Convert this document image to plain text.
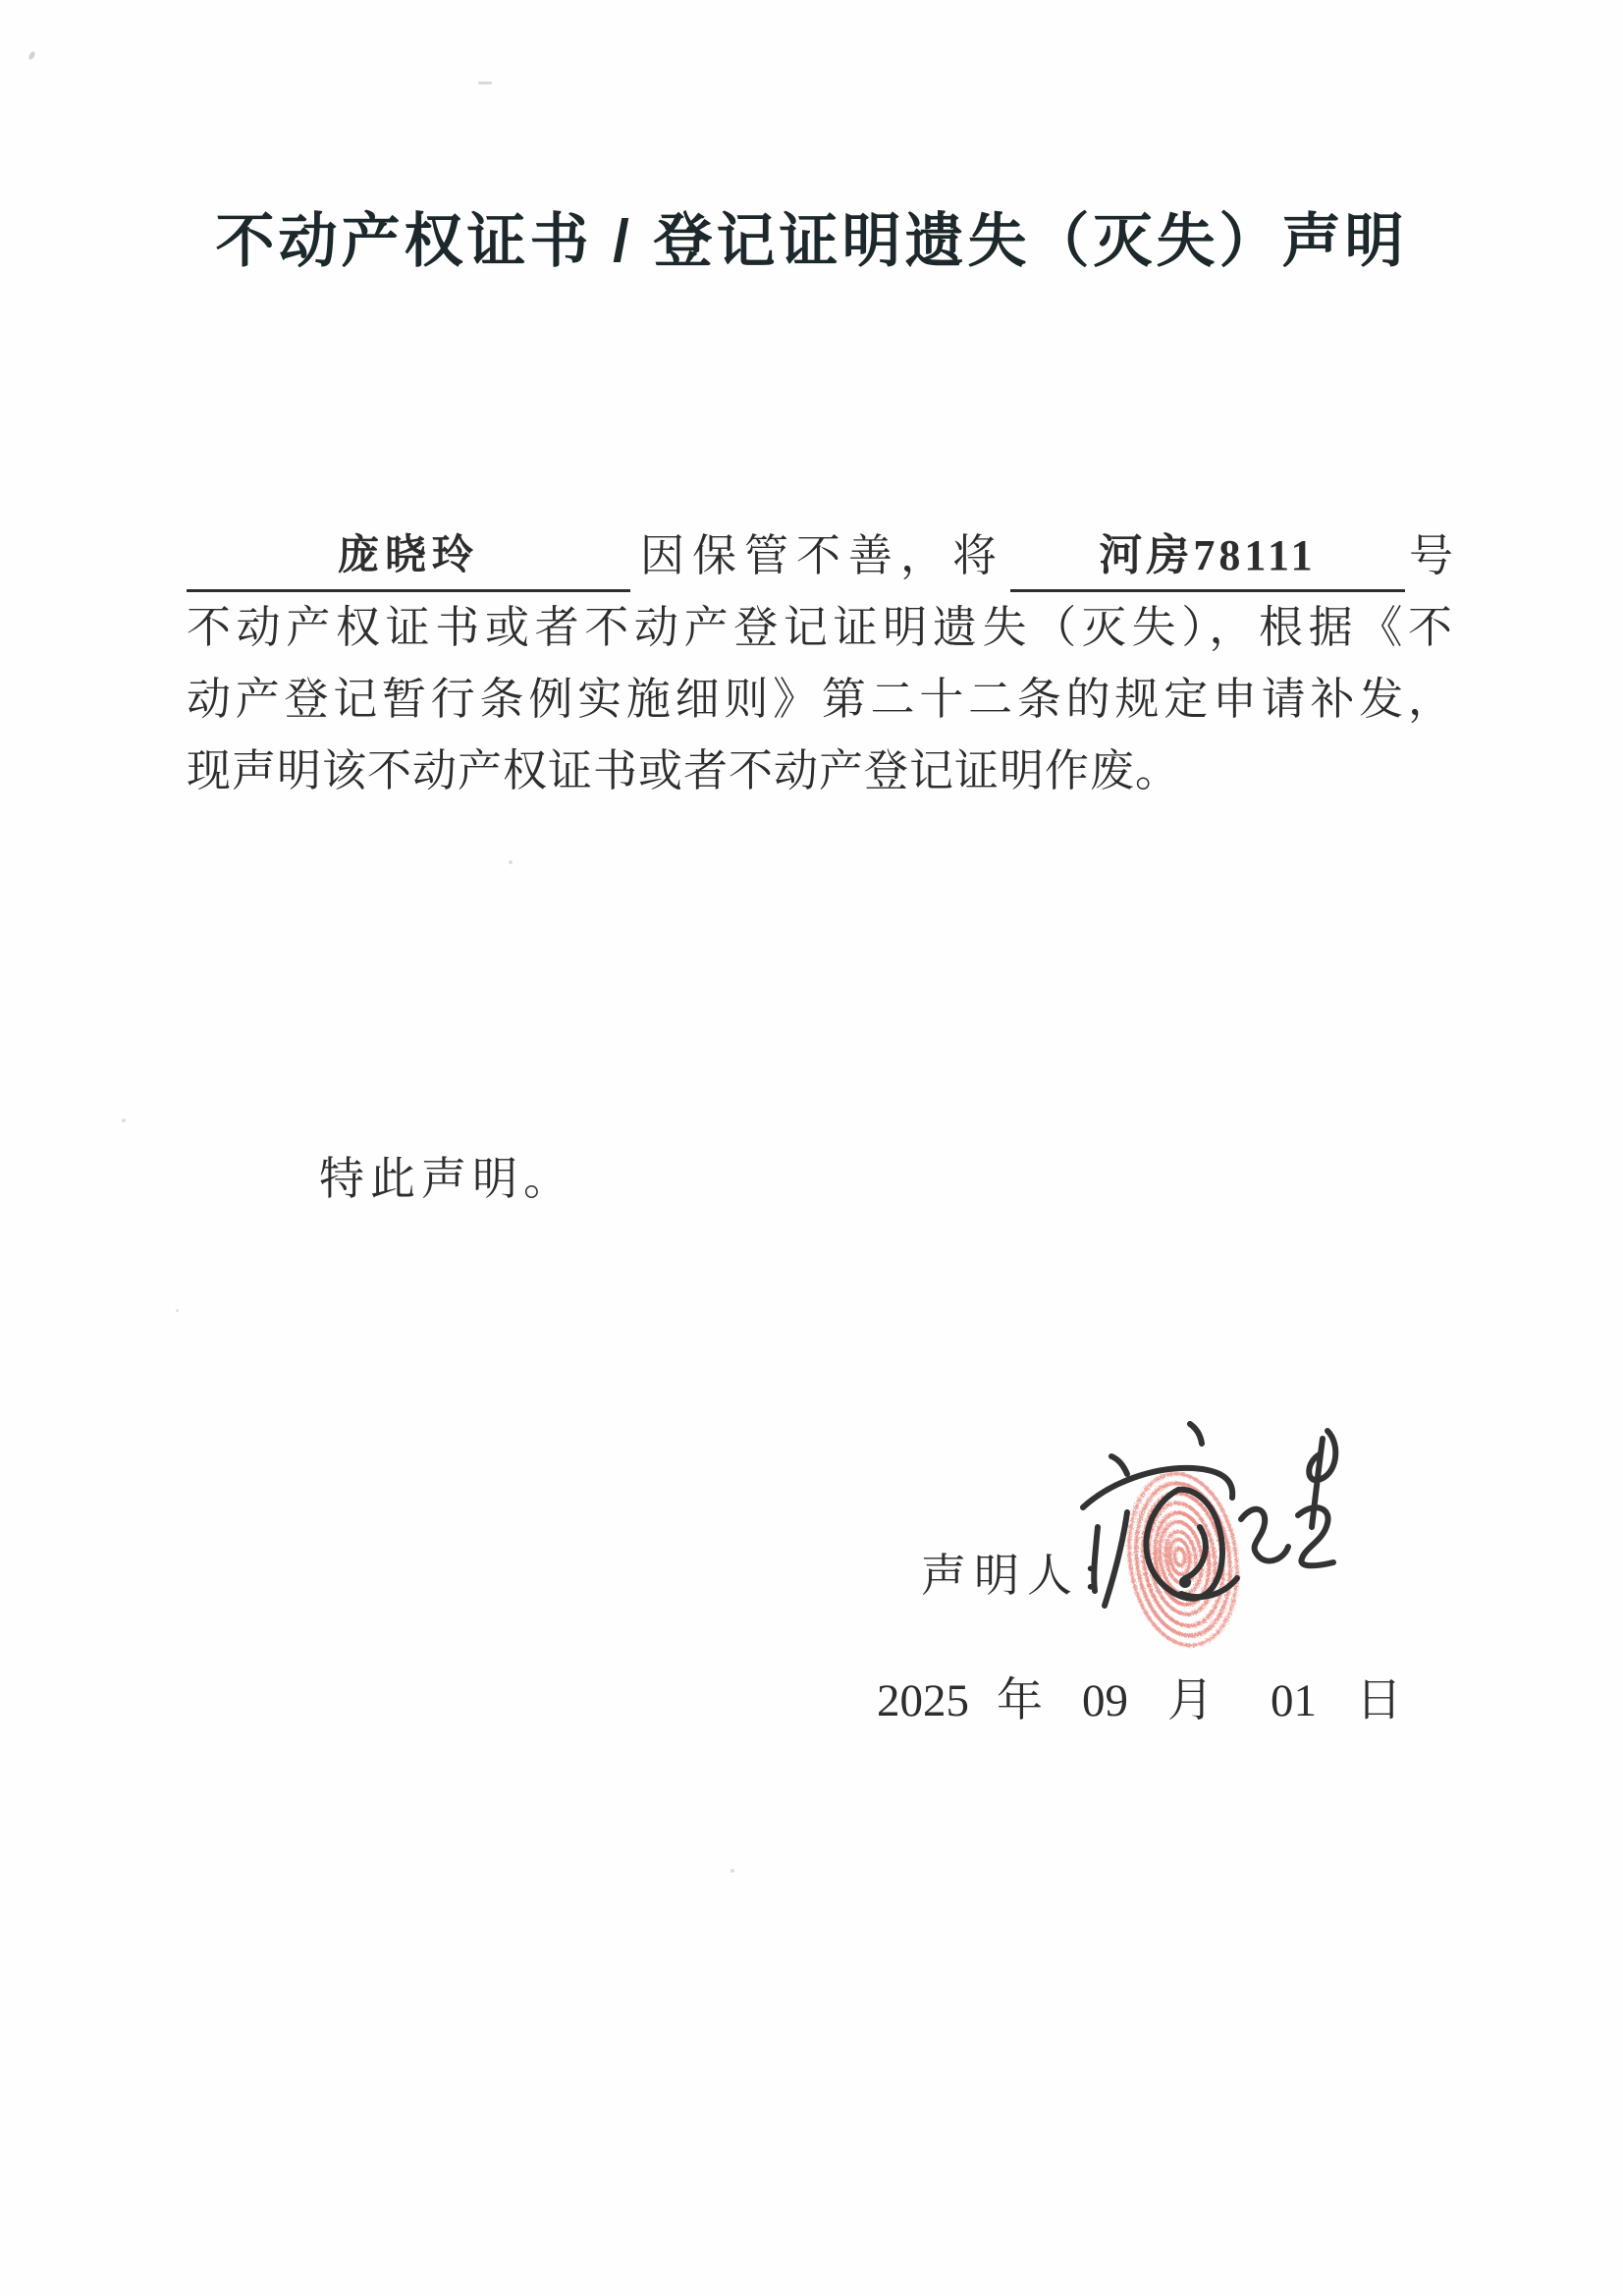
不动产权证书 / 登记证明遗失（灭失）声明
庞晓玲	因保管不善，将	河房78111	号
不动产权证书或者不动产登记证明遗失（灭失），根据《不
动产登记暂行条例实施细则》第二十二条的规定申请补发，
现声明该不动产权证书或者不动产登记证明作废。
特此声明。
声明人：
2025 年 09 月 01 日
